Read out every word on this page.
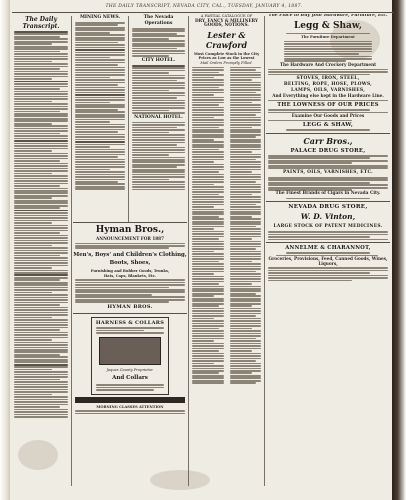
THE DAILY TRANSCRIPT, NEVADA CITY, CAL., TUESDAY, JANUARY 4, 1887.
The Daily Transcript.
MINING NEWS.
Hyman Bros.,
ANNOUNCEMENT FOR 1887
Men's, Boys' and Children's Clothing, Boots, Shoes,
Furnishing and Rubber Goods, Trunks,
Hats, Caps, Blankets, Etc.
HYMAN BROS.
HARNESS & COLLARS
Jaques Caunty Proprietor.
And Collars
MORNING CLASSES ATTENTION
The Nevada Operations
CITY HOTEL.
NATIONAL HOTEL.
A PARTIAL CATALOGUE OF
DRY, FANCY & MILLINERY GOODS, NOTIONS.
Lester & Crawford
Most Complete Stock in the City
Prices as Low as the Lowest
Mail Orders Promptly Filled.
The Place to Buy your Hardware, Furniture, Etc.
Legg & Shaw,
The Furniture Department
The Hardware And Crockery Department
STOVES, IRON, STEEL,
BELTING, ROPE, HOSE, PLOWS,
LAMPS, OILS, VARNISHES,
And Everything else kept in the Hardware Line.
THE LOWNESS OF OUR PRICES
Examine Our Goods and Prices
LEGG & SHAW,
Carr Bros.,
PALACE DRUG STORE,
PAINTS, OILS, VARNISHES, ETC.
The Finest Brands of Cigars in Nevada City.
NEVADA DRUG STORE,
W. D. Vinton,
LARGE STOCK OF PATENT MEDICINES.
ANNELME & CHARANNOT,
Groceries, Provisions, Feed, Canned Goods, Wines, Liquors,
